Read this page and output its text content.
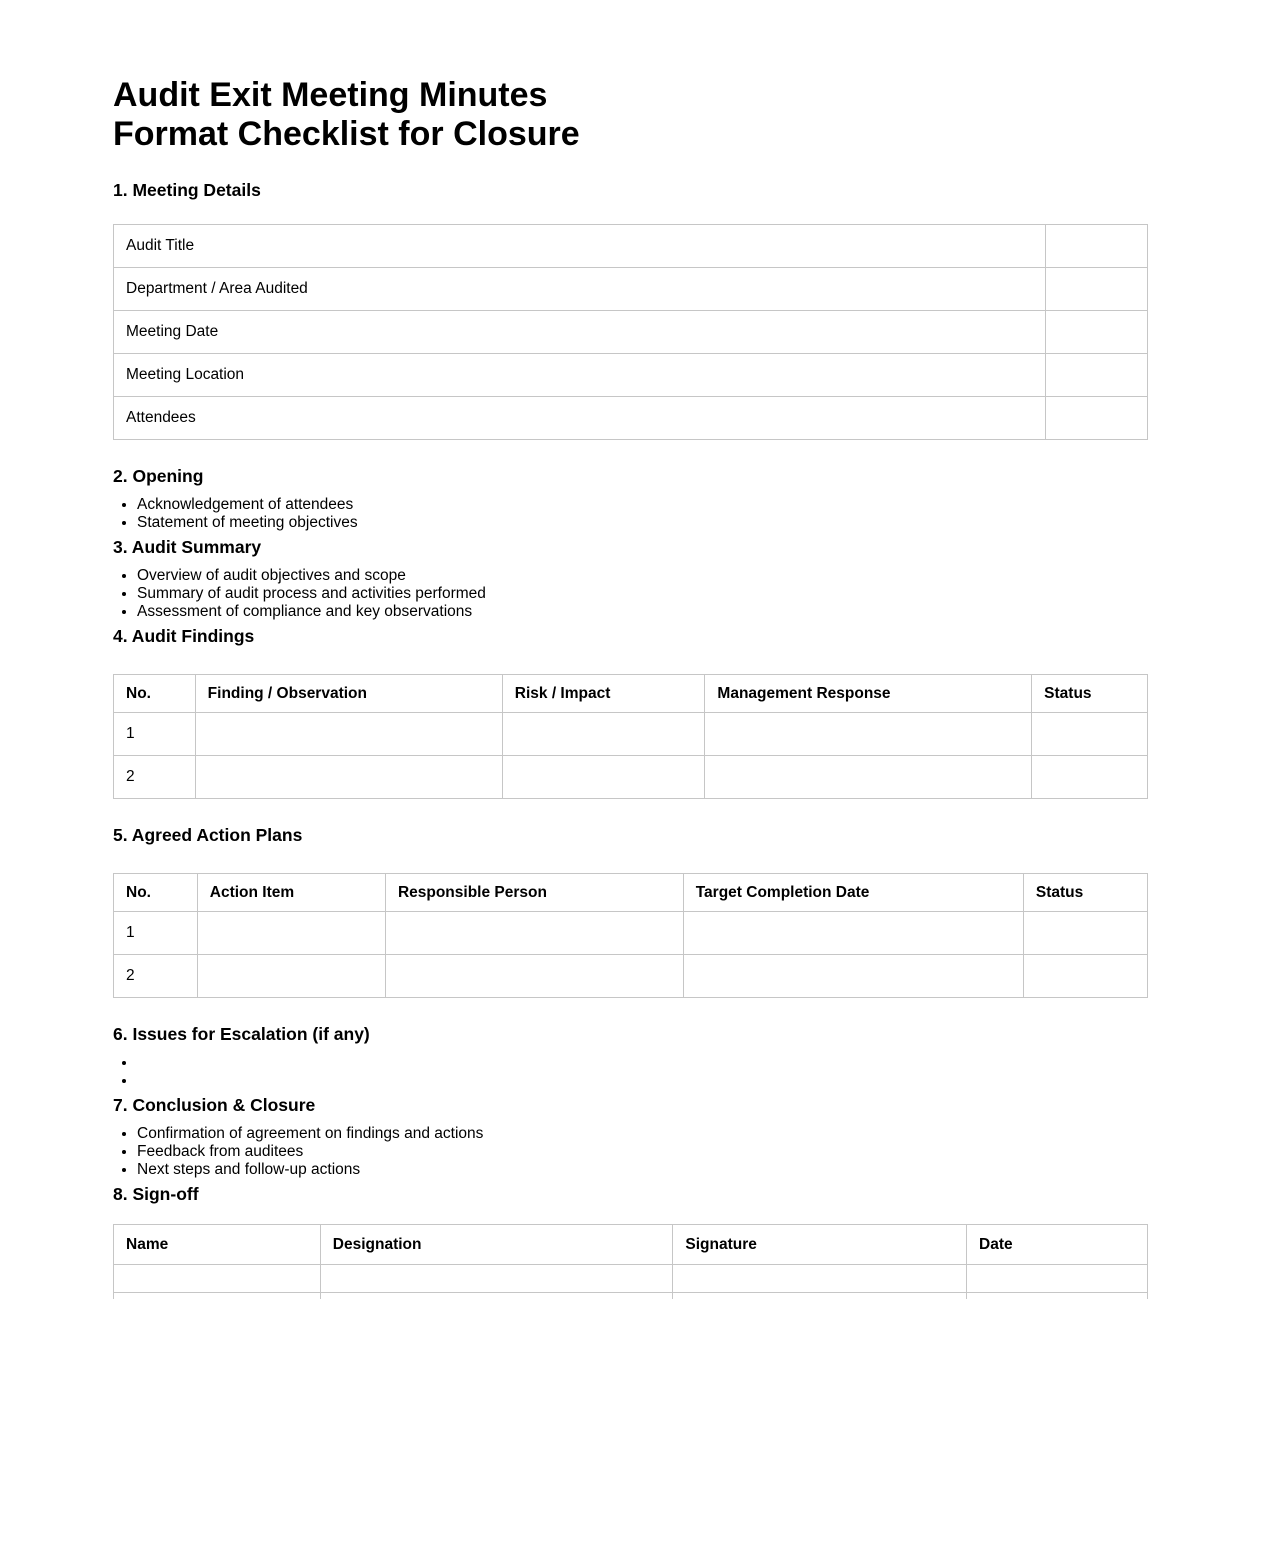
Audit Exit Meeting Minutes
Format Checklist for Closure
1. Meeting Details
Audit Title	
Department / Area Audited	
Meeting Date	
Meeting Location	
Attendees	
2. Opening
• Acknowledgement of attendees
• Statement of meeting objectives
3. Audit Summary
• Overview of audit objectives and scope
• Summary of audit process and activities performed
• Assessment of compliance and key observations
4. Audit Findings
No.	Finding / Observation	Risk / Impact	Management Response	Status
1				
2				
5. Agreed Action Plans
No.	Action Item	Responsible Person	Target Completion Date	Status
1				
2				
6. Issues for Escalation (if any)
•
•
7. Conclusion & Closure
• Confirmation of agreement on findings and actions
• Feedback from auditees
• Next steps and follow-up actions
8. Sign-off
Name	Designation	Signature	Date
